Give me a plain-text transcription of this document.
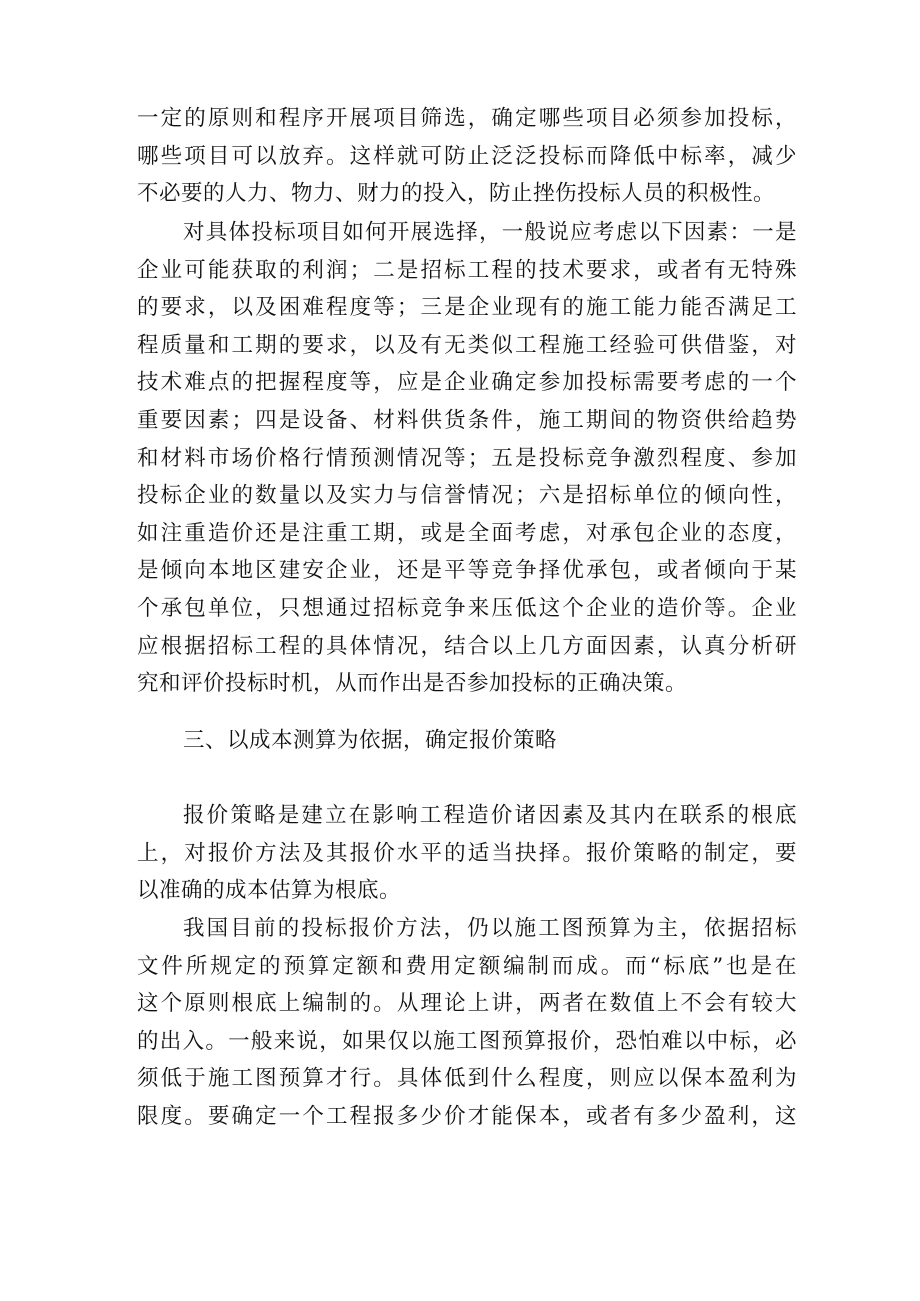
一定的原则和程序开展项目筛选，确定哪些项目必须参加投标，
哪些项目可以放弃。这样就可防止泛泛投标而降低中标率，减少
不必要的人力、物力、财力的投入，防止挫伤投标人员的积极性。
对具体投标项目如何开展选择，一般说应考虑以下因素：一是
企业可能获取的利润；二是招标工程的技术要求，或者有无特殊
的要求，以及困难程度等；三是企业现有的施工能力能否满足工
程质量和工期的要求，以及有无类似工程施工经验可供借鉴，对
技术难点的把握程度等，应是企业确定参加投标需要考虑的一个
重要因素；四是设备、材料供货条件，施工期间的物资供给趋势
和材料市场价格行情预测情况等；五是投标竞争激烈程度、参加
投标企业的数量以及实力与信誉情况；六是招标单位的倾向性，
如注重造价还是注重工期，或是全面考虑，对承包企业的态度，
是倾向本地区建安企业，还是平等竞争择优承包，或者倾向于某
个承包单位，只想通过招标竞争来压低这个企业的造价等。企业
应根据招标工程的具体情况，结合以上几方面因素，认真分析研
究和评价投标时机，从而作出是否参加投标的正确决策。
三、以成本测算为依据，确定报价策略
报价策略是建立在影响工程造价诸因素及其内在联系的根底
上，对报价方法及其报价水平的适当抉择。报价策略的制定，要
以准确的成本估算为根底。
我国目前的投标报价方法，仍以施工图预算为主，依据招标
文件所规定的预算定额和费用定额编制而成。而“标底”也是在
这个原则根底上编制的。从理论上讲，两者在数值上不会有较大
的出入。一般来说，如果仅以施工图预算报价，恐怕难以中标，必
须低于施工图预算才行。具体低到什么程度，则应以保本盈利为
限度。要确定一个工程报多少价才能保本，或者有多少盈利，这
